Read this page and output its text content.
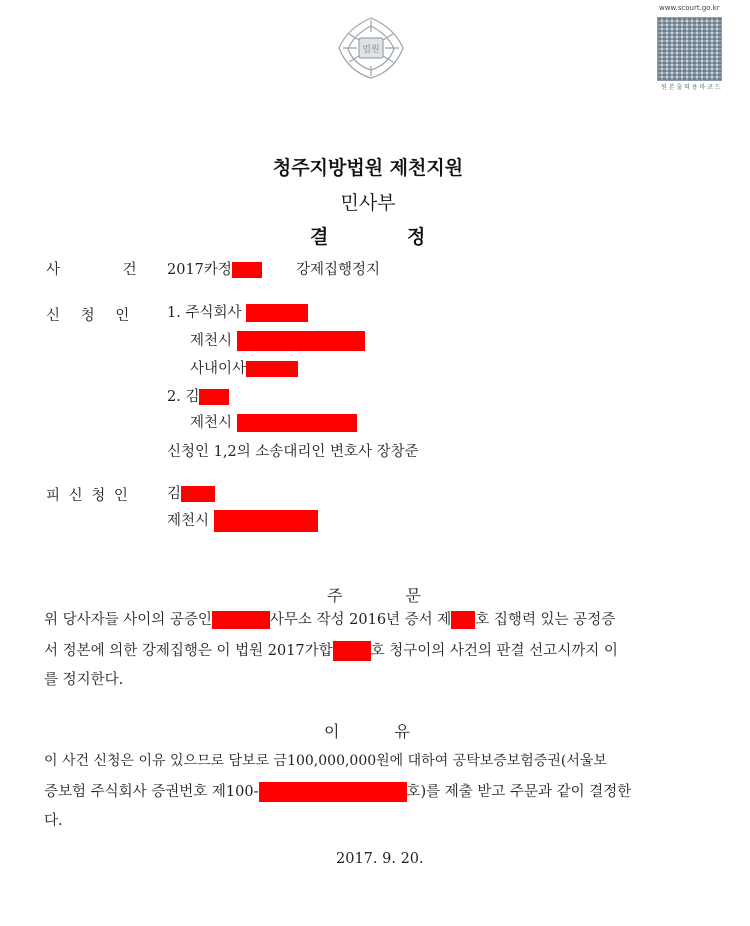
법원
www.scourt.go.kr
원 본 출 력 용 바 코 드
청주지방법원 제천지원
민사부
결 정
사 건 2017카정	강제집행정지
신 청 인	1. 주식회사
제천시
사내이사
2. 김
제천시
신청인 1,2의 소송대리인 변호사 장창준
피 신 청 인	김
제천시
주 문
위 당사자들 사이의 공증인	사무소 작성 2016년 증서 제 호 집행력 있는 공정증
서 정본에 의한 강제집행은 이 법원 2017가합	호 청구이의 사건의 판결 선고시까지 이
를 정지한다.
이 유
이 사건 신청은 이유 있으므로 담보로 금100,000,000원에 대하여 공탁보증보험증권(서울보
증보험 주식회사 증권번호 제100-	호)를 제출 받고 주문과 같이 결정한
다.
2017. 9. 20.
